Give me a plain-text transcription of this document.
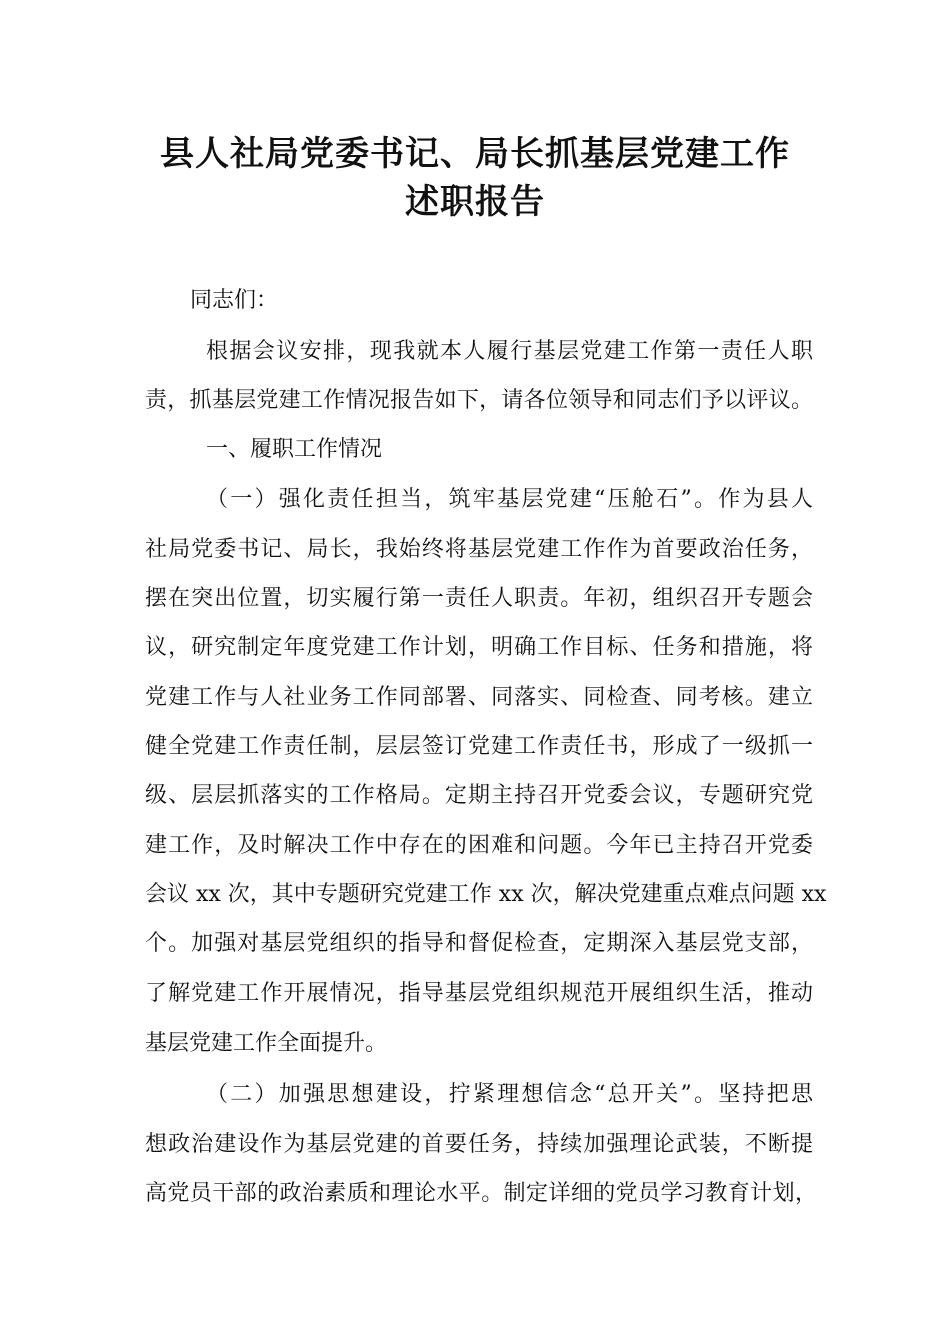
县人社局党委书记、局长抓基层党建工作
述职报告
同志们：
根据会议安排，现我就本人履行基层党建工作第一责任人职
责，抓基层党建工作情况报告如下，请各位领导和同志们予以评议。
一、履职工作情况
（一）强化责任担当，筑牢基层党建“压舱石”。作为县人
社局党委书记、局长，我始终将基层党建工作作为首要政治任务，
摆在突出位置，切实履行第一责任人职责。年初，组织召开专题会
议，研究制定年度党建工作计划，明确工作目标、任务和措施，将
党建工作与人社业务工作同部署、同落实、同检查、同考核。建立
健全党建工作责任制，层层签订党建工作责任书，形成了一级抓一
级、层层抓落实的工作格局。定期主持召开党委会议，专题研究党
建工作，及时解决工作中存在的困难和问题。今年已主持召开党委
会议 xx 次，其中专题研究党建工作 xx 次，解决党建重点难点问题 xx
个。加强对基层党组织的指导和督促检查，定期深入基层党支部，
了解党建工作开展情况，指导基层党组织规范开展组织生活，推动
基层党建工作全面提升。
（二）加强思想建设，拧紧理想信念“总开关”。坚持把思
想政治建设作为基层党建的首要任务，持续加强理论武装，不断提
高党员干部的政治素质和理论水平。制定详细的党员学习教育计划，
